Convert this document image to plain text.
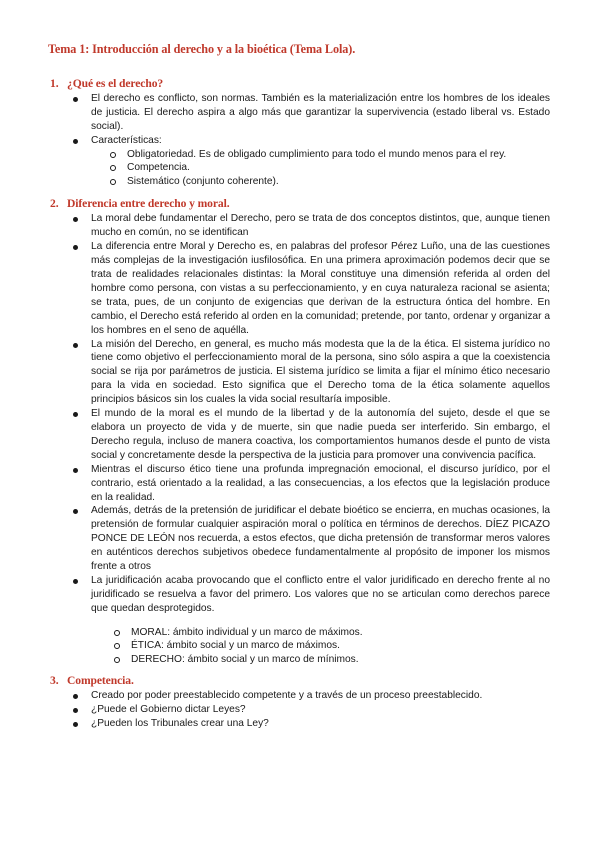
Tema 1: Introducción al derecho y a la bioética (Tema Lola).
1. ¿Qué es el derecho?
El derecho es conflicto, son normas. También es la materialización entre los hombres de los ideales de justicia. El derecho aspira a algo más que garantizar la supervivencia (estado liberal vs. Estado social).
Características:
Obligatoriedad. Es de obligado cumplimiento para todo el mundo menos para el rey.
Competencia.
Sistemático (conjunto coherente).
2. Diferencia entre derecho y moral.
La moral debe fundamentar el Derecho, pero se trata de dos conceptos distintos, que, aunque tienen mucho en común, no se identifican
La diferencia entre Moral y Derecho es, en palabras del profesor Pérez Luño, una de las cuestiones más complejas de la investigación iusfilosófica. En una primera aproximación podemos decir que se trata de realidades relacionales distintas: la Moral constituye una dimensión referida al orden del hombre como persona, con vistas a su perfeccionamiento, y en cuya naturaleza racional se asienta; se trata, pues, de un conjunto de exigencias que derivan de la estructura óntica del hombre. En cambio, el Derecho está referido al orden en la comunidad; pretende, por tanto, ordenar y organizar a los hombres en el seno de aquélla.
La misión del Derecho, en general, es mucho más modesta que la de la ética. El sistema jurídico no tiene como objetivo el perfeccionamiento moral de la persona, sino sólo aspira a que la coexistencia social se rija por parámetros de justicia. El sistema jurídico se limita a fijar el mínimo ético necesario para la vida en sociedad. Esto significa que el Derecho toma de la ética solamente aquellos principios básicos sin los cuales la vida social resultaría imposible.
El mundo de la moral es el mundo de la libertad y de la autonomía del sujeto, desde el que se elabora un proyecto de vida y de muerte, sin que nadie pueda ser interferido. Sin embargo, el Derecho regula, incluso de manera coactiva, los comportamientos humanos desde el punto de vista social y concretamente desde la perspectiva de la justicia para promover una convivencia pacífica.
Mientras el discurso ético tiene una profunda impregnación emocional, el discurso jurídico, por el contrario, está orientado a la realidad, a las consecuencias, a los efectos que la legislación produce en la realidad.
Además, detrás de la pretensión de juridificar el debate bioético se encierra, en muchas ocasiones, la pretensión de formular cualquier aspiración moral o política en términos de derechos. DÍEZ PICAZO PONCE DE LEÓN nos recuerda, a estos efectos, que dicha pretensión de transformar meros valores en auténticos derechos subjetivos obedece fundamentalmente al propósito de imponer los mismos frente a otros
La juridificación acaba provocando que el conflicto entre el valor juridificado en derecho frente al no juridificado se resuelva a favor del primero. Los valores que no se articulan como derechos parece que quedan desprotegidos.
MORAL: ámbito individual y un marco de máximos.
ÉTICA: ámbito social y un marco de máximos.
DERECHO: ámbito social y un marco de mínimos.
3. Competencia.
Creado por poder preestablecido competente y a través de un proceso preestablecido.
¿Puede el Gobierno dictar Leyes?
¿Pueden los Tribunales crear una Ley?
